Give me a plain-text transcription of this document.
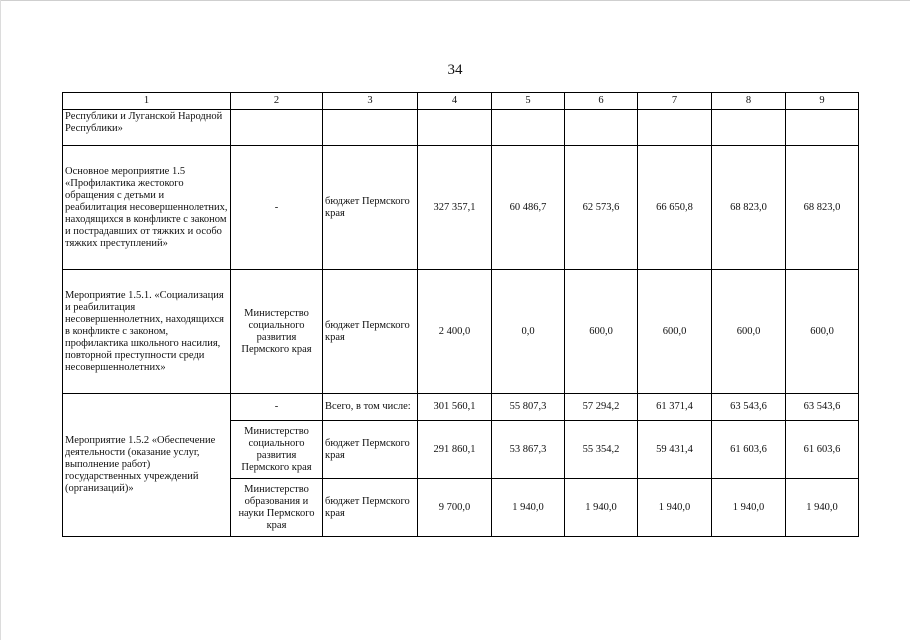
34
1	2	3	4	5	6	7	8	9
Республики и Луганской Народной Республики»								
Основное мероприятие 1.5 «Профилактика жестокого обращения с детьми и реабилитация несовершеннолетних, находящихся в конфликте с законом и пострадавших от тяжких и особо тяжких преступлений»	-	бюджет Пермского края	327 357,1	60 486,7	62 573,6	66 650,8	68 823,0	68 823,0
Мероприятие 1.5.1. «Социализация и реабилитация несовершеннолетних, находящихся в конфликте с законом, профилактика школьного насилия, повторной преступности среди несовершеннолетних»	Министерство социального развития Пермского края	бюджет Пермского края	2 400,0	0,0	600,0	600,0	600,0	600,0
Мероприятие 1.5.2 «Обеспечение деятельности (оказание услуг, выполнение работ) государственных учреждений (организаций)»	-	Всего, в том числе:	301 560,1	55 807,3	57 294,2	61 371,4	63 543,6	63 543,6
	Министерство социального развития Пермского края	бюджет Пермского края	291 860,1	53 867,3	55 354,2	59 431,4	61 603,6	61 603,6
	Министерство образования и науки Пермского края	бюджет Пермского края	9 700,0	1 940,0	1 940,0	1 940,0	1 940,0	1 940,0
